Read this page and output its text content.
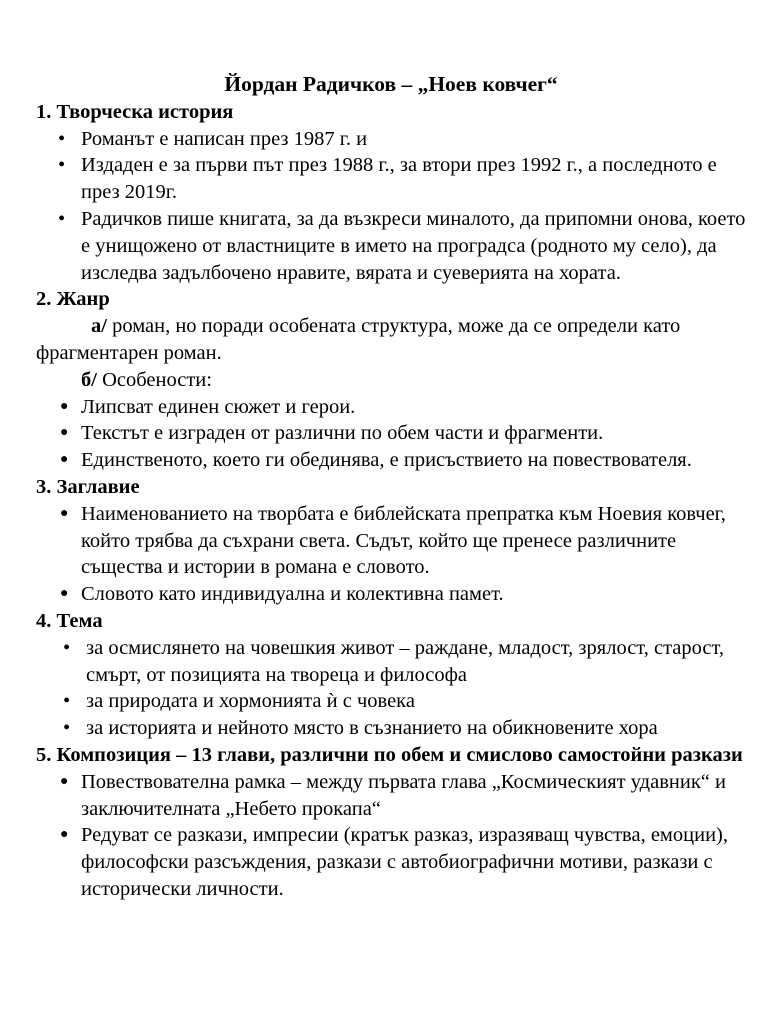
Йордан Радичков – „Ноев ковчег“
1. Творческа история
• Романът е написан през 1987 г. и
• Издаден е за първи път през 1988 г., за втори през 1992 г., а последното е през 2019г.
• Радичков пише книгата, за да възкреси миналото, да припомни онова, което е унищожено от властниците в името на проградса (родното му село), да изследва задълбочено нравите, вярата и суеверията на хората.
2. Жанр

а/ роман, но поради особената структура, може да се определи като фрагментарен роман.

б/ Особености:

● Липсват единен сюжет и герои.
● Текстът е изграден от различни по обем части и фрагменти.
● Единственото, което ги обединява, е присъствието на повествователя.
3. Заглавие
● Наименованието на творбата е библейската препратка към Ноевия ковчег, който трябва да съхрани света. Съдът, който ще пренесе различните същества и истории в романа е словото.
● Словото като индивидуална и колективна памет.
4. Тема
• за осмислянето на човешкия живот – раждане, младост, зрялост, старост, смърт, от позицията на твореца и философа
• за природата и хормонията ѝ с човека
• за историята и нейното място в съзнанието на обикновените хора
5. Композиция – 13 глави, различни по обем и смислово самостойни разкази
● Повествователна рамка – между първата глава „Космическият удавник“ и заключителната „Небето прокапа“
● Редуват се разкази, импресии (кратък разказ, изразяващ чувства, емоции), философски разсъждения, разкази с автобиографични мотиви, разкази с исторически личности.
